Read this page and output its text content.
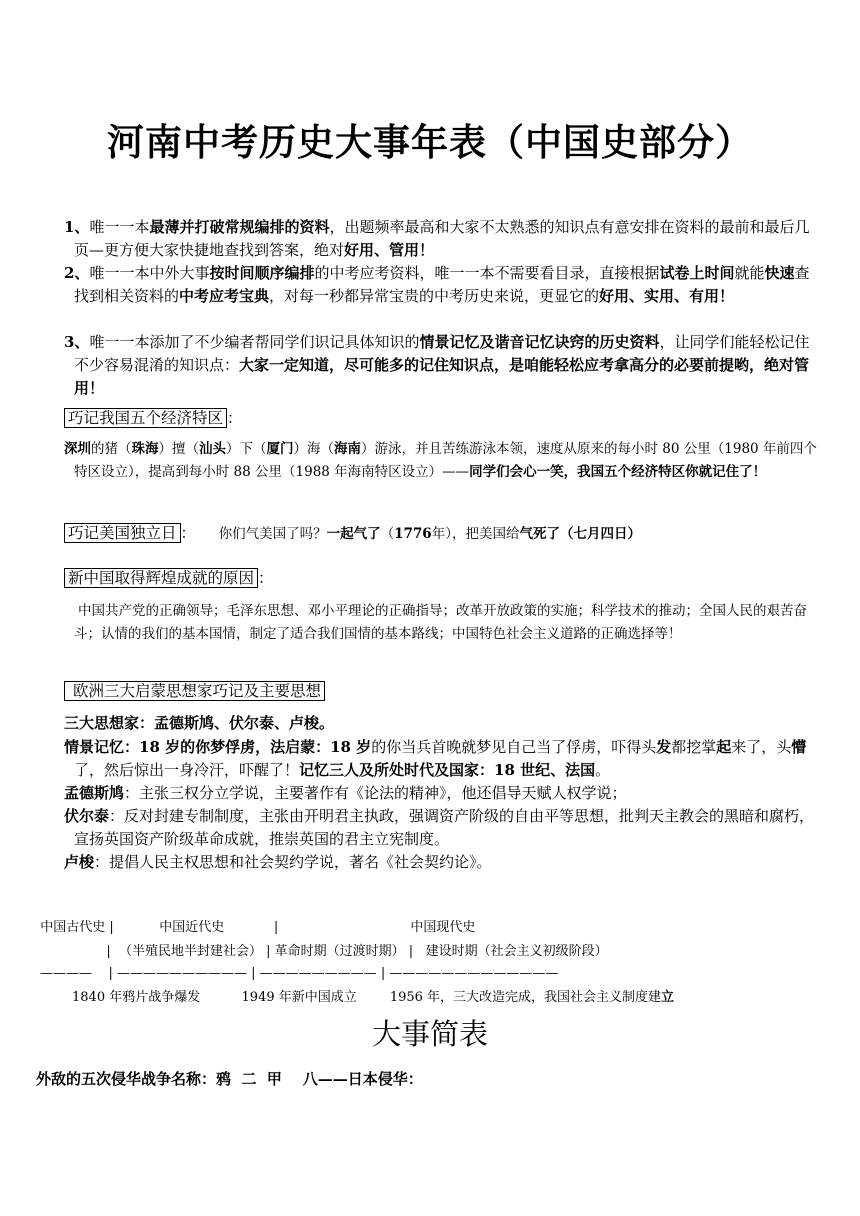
河南中考历史大事年表（中国史部分）
1、唯一一本最薄并打破常规编排的资料，出题频率最高和大家不太熟悉的知识点有意安排在资料的最前和最后几页—更方便大家快捷地查找到答案，绝对好用、管用！
2、唯一一本中外大事按时间顺序编排的中考应考资料，唯一一本不需要看目录，直接根据试卷上时间就能快速查找到相关资料的中考应考宝典，对每一秒都异常宝贵的中考历史来说，更显它的好用、实用、有用！
3、唯一一本添加了不少编者帮同学们识记具体知识的情景记忆及谐音记忆诀窍的历史资料，让同学们能轻松记住不少容易混淆的知识点：大家一定知道，尽可能多的记住知识点，是咱能轻松应考拿高分的必要前提哟，绝对管用！
巧记我国五个经济特区 ：
深圳的猪（珠海）擅（汕头）下（厦门）海（海南）游泳，并且苦练游泳本领，速度从原来的每小时 80 公里（1980 年前四个特区设立），提高到每小时 88 公里（1988 年海南特区设立）——同学们会心一笑，我国五个经济特区你就记住了！
巧记美国独立日 ： 你们气美国了吗？一起气了（1776年），把美国给气死了（七月四日）
新中国取得辉煌成就的原因 ：
中国共产党的正确领导；毛泽东思想、邓小平理论的正确指导；改革开放政策的实施；科学技术的推动；全国人民的艰苦奋斗；认情的我们的基本国情，制定了适合我们国情的基本路线；中国特色社会主义道路的正确选择等！
欧洲三大启蒙思想家巧记及主要思想
三大思想家：孟德斯鸠、伏尔泰、卢梭。
情景记忆：18 岁的你梦俘虏，法启蒙：18 岁的你当兵首晚就梦见自己当了俘虏，吓得头发都挖掌起来了，头懵了，然后惊出一身冷汗，吓醒了！记忆三人及所处时代及国家：18 世纪、法国。
孟德斯鸠：主张三权分立学说，主要著作有《论法的精神》，他还倡导天赋人权学说；
伏尔泰：反对封建专制制度，主张由开明君主执政，强调资产阶级的自由平等思想，批判天主教会的黑暗和腐朽，宣扬英国资产阶级革命成就，推崇英国的君主立宪制度。
卢梭：提倡人民主权思想和社会契约学说，著名《社会契约论》。
中国古代史 |           中国近代史            |                                中国现代史
|  （半殖民地半封建社会） | 革命时期（过渡时期） |   建设时期（社会主义初级阶段）
————    | —————————— | ————————— | —————————————
1840 年鸦片战争爆发          1949 年新中国成立        1956 年，三大改造完成，我国社会主义制度建立
大事简表
外敌的五次侵华战争名称：鸦  二  甲    八——日本侵华：
